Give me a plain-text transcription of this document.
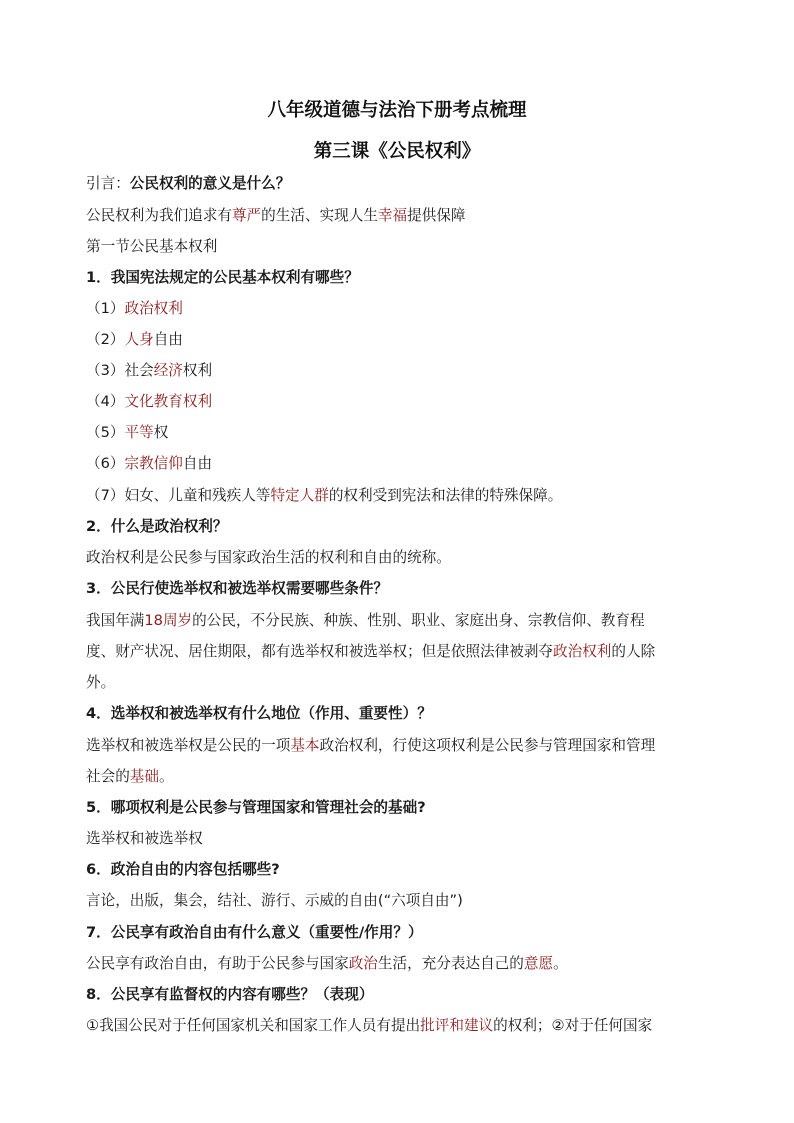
八年级道德与法治下册考点梳理
第三课《公民权利》
引言：公民权利的意义是什么？
公民权利为我们追求有尊严的生活、实现人生幸福提供保障
第一节公民基本权利
1．我国宪法规定的公民基本权利有哪些？
（1）政治权利
（2）人身自由
（3）社会经济权利
（4）文化教育权利
（5）平等权
（6）宗教信仰自由
（7）妇女、儿童和残疾人等特定人群的权利受到宪法和法律的特殊保障。
2．什么是政治权利？
政治权利是公民参与国家政治生活的权利和自由的统称。
3．公民行使选举权和被选举权需要哪些条件？
我国年满18周岁的公民，不分民族、种族、性别、职业、家庭出身、宗教信仰、教育程
度、财产状况、居住期限，都有选举权和被选举权；但是依照法律被剥夺政治权利的人除
外。
4．选举权和被选举权有什么地位（作用、重要性）？
选举权和被选举权是公民的一项基本政治权利，行使这项权利是公民参与管理国家和管理
社会的基础。
5．哪项权利是公民参与管理国家和管理社会的基础?
选举权和被选举权
6．政治自由的内容包括哪些?
言论，出版，集会，结社、游行、示威的自由(“六项自由”)
7．公民享有政治自由有什么意义（重要性/作用？）
公民享有政治自由，有助于公民参与国家政治生活，充分表达自己的意愿。
8．公民享有监督权的内容有哪些？（表现）
①我国公民对于任何国家机关和国家工作人员有提出批评和建议的权利；②对于任何国家
